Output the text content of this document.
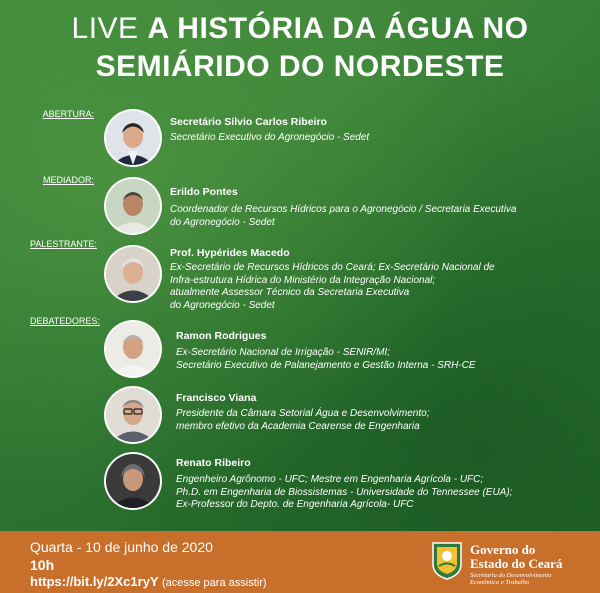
LIVE A HISTÓRIA DA ÁGUA NO
SEMIÁRIDO DO NORDESTE
ABERTURA:
MEDIADOR:
PALESTRANTE:
DEBATEDORES:
Secretário Sílvio Carlos Ribeiro
Secretário Executivo do Agronegócio - Sedet
Erildo Pontes
Coordenador de Recursos Hídricos para o Agronegócio / Secretaria Executiva
do Agronegócio - Sedet
Prof. Hypérides Macedo
Ex-Secretário de Recursos Hídricos do Ceará; Ex-Secretário Nacional de
Infra-estrutura Hídrica do Ministério da Integração Nacional;
atualmente Assessor Técnico da Secretaria Executiva
do Agronegócio - Sedet
Ramon Rodrigues
Ex-Secretário Nacional de Irrigação - SENIR/MI;
Secretário Executivo de Palanejamento e Gestão Interna - SRH-CE
Francisco Viana
Presidente da Câmara Setorial Água e Desenvolvimento;
membro efetivo da Academia Cearense de Engenharia
Renato Ribeiro
Engenheiro Agrônomo - UFC; Mestre em Engenharia Agrícola - UFC;
Ph.D. em Engenharia de Biossistemas - Universidade do Tennessee (EUA);
Ex-Professor do Depto. de Engenharia Agrícola- UFC
Quarta - 10 de junho de 2020
10h
https://bit.ly/2Xc1ryY (acesse para assistir)
Governo do
Estado do Ceará
Secretaria do Desenvolvimento
Econômico e Trabalho
